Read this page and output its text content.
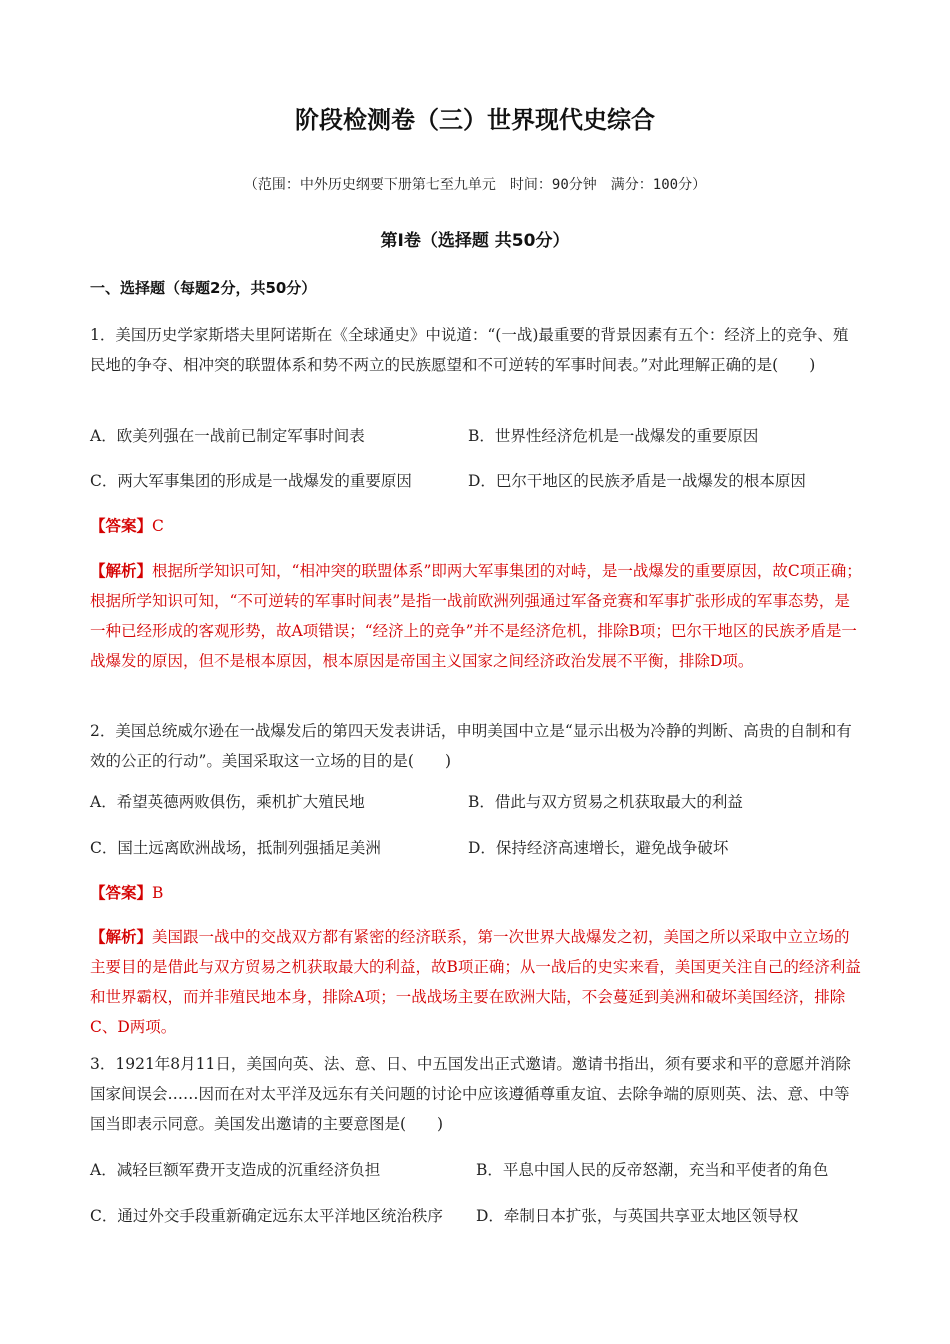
阶段检测卷（三）世界现代史综合
（范围：中外历史纲要下册第七至九单元　时间：90分钟　满分：100分）
第Ⅰ卷（选择题 共50分）
一、选择题（每题2分，共50分）
1．美国历史学家斯塔夫里阿诺斯在《全球通史》中说道：“(一战)最重要的背景因素有五个：经济上的竞争、殖民地的争夺、相冲突的联盟体系和势不两立的民族愿望和不可逆转的军事时间表。”对此理解正确的是(　　)
A．欧美列强在一战前已制定军事时间表	B．世界性经济危机是一战爆发的重要原因
C．两大军事集团的形成是一战爆发的重要原因	D．巴尔干地区的民族矛盾是一战爆发的根本原因
【答案】C
【解析】根据所学知识可知，“相冲突的联盟体系”即两大军事集团的对峙，是一战爆发的重要原因，故C项正确；根据所学知识可知，“不可逆转的军事时间表”是指一战前欧洲列强通过军备竞赛和军事扩张形成的军事态势，是一种已经形成的客观形势，故A项错误；“经济上的竞争”并不是经济危机，排除B项；巴尔干地区的民族矛盾是一战爆发的原因，但不是根本原因，根本原因是帝国主义国家之间经济政治发展不平衡，排除D项。
2．美国总统威尔逊在一战爆发后的第四天发表讲话，申明美国中立是“显示出极为冷静的判断、高贵的自制和有效的公正的行动”。美国采取这一立场的目的是(　　)
A．希望英德两败俱伤，乘机扩大殖民地	B．借此与双方贸易之机获取最大的利益
C．国土远离欧洲战场，抵制列强插足美洲	D．保持经济高速增长，避免战争破坏
【答案】B
【解析】美国跟一战中的交战双方都有紧密的经济联系，第一次世界大战爆发之初，美国之所以采取中立立场的主要目的是借此与双方贸易之机获取最大的利益，故B项正确；从一战后的史实来看，美国更关注自己的经济利益和世界霸权，而并非殖民地本身，排除A项；一战战场主要在欧洲大陆，不会蔓延到美洲和破坏美国经济，排除C、D两项。
3．1921年8月11日，美国向英、法、意、日、中五国发出正式邀请。邀请书指出，须有要求和平的意愿并消除国家间误会……因而在对太平洋及远东有关问题的讨论中应该遵循尊重友谊、去除争端的原则英、法、意、中等国当即表示同意。美国发出邀请的主要意图是(　　)
A．减轻巨额军费开支造成的沉重经济负担	B．平息中国人民的反帝怒潮，充当和平使者的角色
C．通过外交手段重新确定远东太平洋地区统治秩序 D．牵制日本扩张，与英国共享亚太地区领导权
